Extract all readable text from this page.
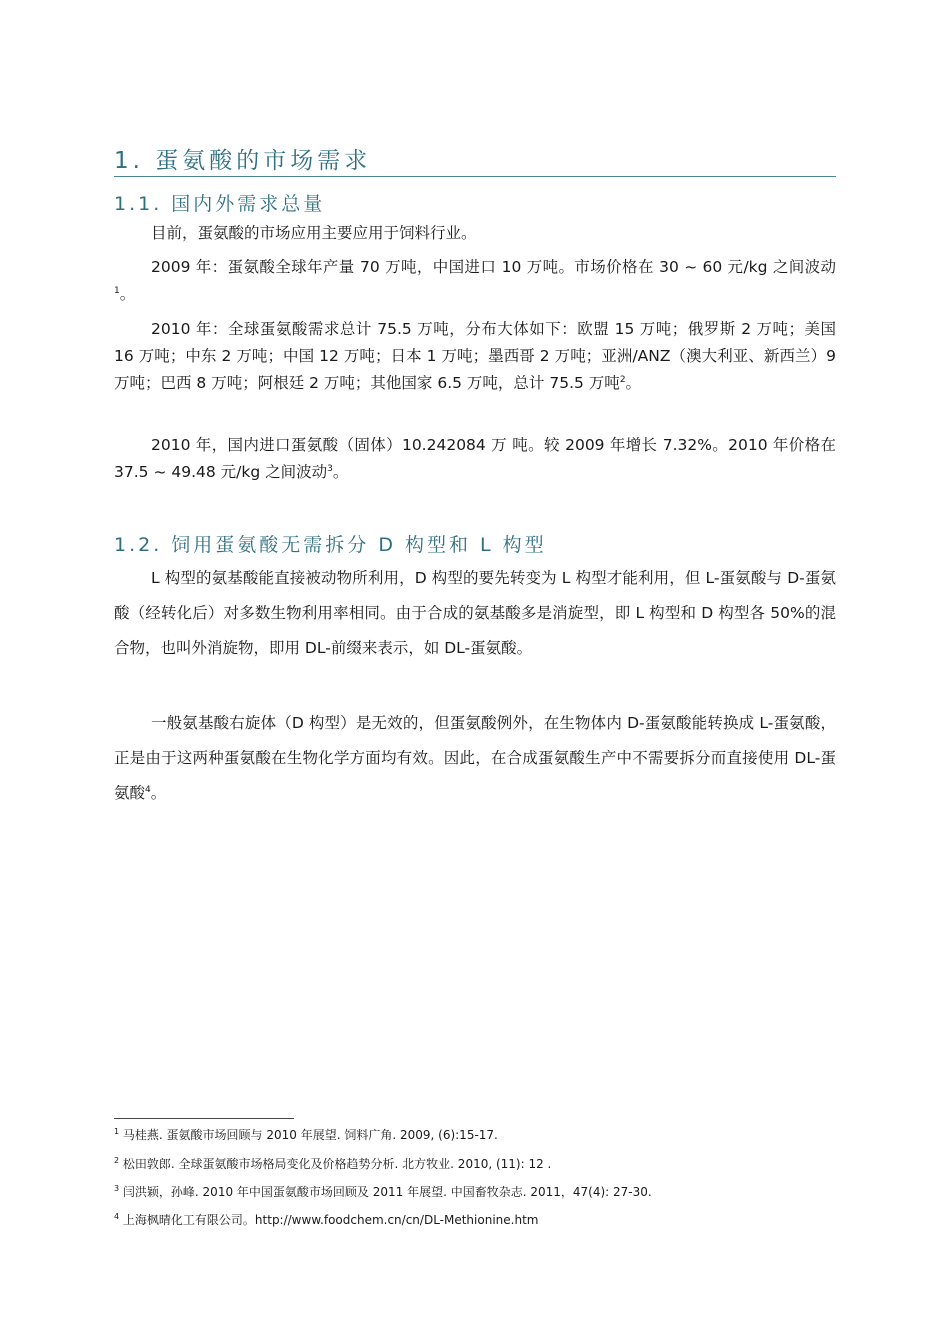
1. 蛋氨酸的市场需求
1.1. 国内外需求总量

目前，蛋氨酸的市场应用主要应用于饲料行业。

2009 年：蛋氨酸全球年产量 70 万吨，中国进口 10 万吨。市场价格在 30 ~ 60 元/kg 之间波动$^1$。

2010 年：全球蛋氨酸需求总计 75.5 万吨，分布大体如下：欧盟 15 万吨；俄罗斯 2 万吨；美国 16 万吨；中东 2 万吨；中国 12 万吨；日本 1 万吨；墨西哥 2 万吨；亚洲/ANZ（澳大利亚、新西兰）9 万吨；巴西 8 万吨；阿根廷 2 万吨；其他国家 6.5 万吨，总计 75.5 万吨$^2$。

2010 年，国内进口蛋氨酸（固体）10.242084 万 吨。较 2009 年增长 7.32%。2010 年价格在 37.5 ~ 49.48 元/kg 之间波动$^3$。

1.2. 饲用蛋氨酸无需拆分 D 构型和 L 构型

L 构型的氨基酸能直接被动物所利用，D 构型的要先转变为 L 构型才能利用，但 L-蛋氨酸与 D-蛋氨酸（经转化后）对多数生物利用率相同。由于合成的氨基酸多是消旋型，即 L 构型和 D 构型各 50%的混合物，也叫外消旋物，即用 DL-前缀来表示，如 DL-蛋氨酸。

一般氨基酸右旋体（D 构型）是无效的，但蛋氨酸例外，在生物体内 D-蛋氨酸能转换成 L-蛋氨酸，正是由于这两种蛋氨酸在生物化学方面均有效。因此，在合成蛋氨酸生产中不需要拆分而直接使用 DL-蛋氨酸$^4$。

$^1$ 马桂燕. 蛋氨酸市场回顾与 2010 年展望. 饲料广角. 2009, (6):15-17.
$^2$ 松田敦郎. 全球蛋氨酸市场格局变化及价格趋势分析. 北方牧业. 2010, (11): 12 .
$^3$ 闫洪颖，孙峰. 2010 年中国蛋氨酸市场回顾及 2011 年展望. 中国畜牧杂志. 2011，47(4): 27-30.
$^4$ 上海枫晴化工有限公司。http://www.foodchem.cn/cn/DL-Methionine.htm
